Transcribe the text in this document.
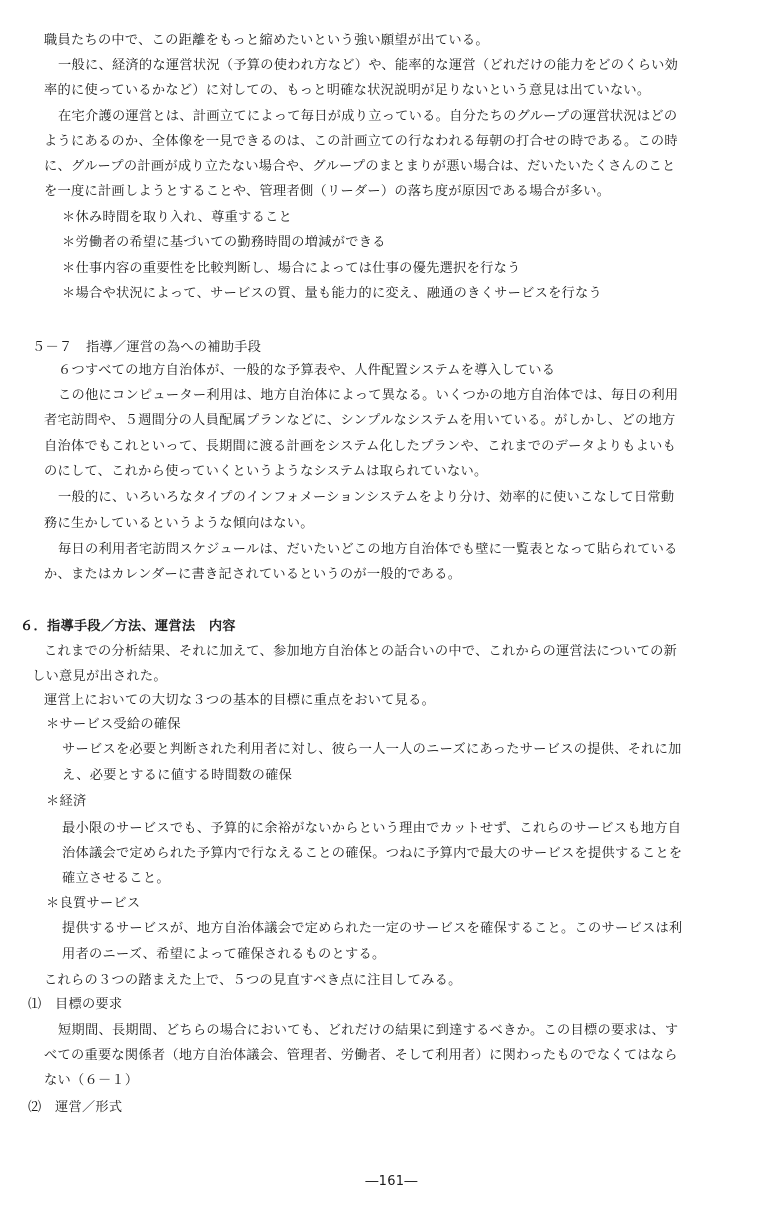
職員たちの中で、この距離をもっと縮めたいという強い願望が出ている。
一般に、経済的な運営状況（予算の使われ方など）や、能率的な運営（どれだけの能力をどのくらい効
率的に使っているかなど）に対しての、もっと明確な状況説明が足りないという意見は出ていない。
在宅介護の運営とは、計画立てによって毎日が成り立っている。自分たちのグループの運営状況はどの
ようにあるのか、全体像を一見できるのは、この計画立ての行なわれる毎朝の打合せの時である。この時
に、グループの計画が成り立たない場合や、グループのまとまりが悪い場合は、だいたいたくさんのこと
を一度に計画しようとすることや、管理者側（リーダー）の落ち度が原因である場合が多い。
＊休み時間を取り入れ、尊重すること
＊労働者の希望に基づいての勤務時間の増減ができる
＊仕事内容の重要性を比較判断し、場合によっては仕事の優先選択を行なう
＊場合や状況によって、サービスの質、量も能力的に変え、融通のきくサービスを行なう
５－７　指導／運営の為への補助手段
６つすべての地方自治体が、一般的な予算表や、人件配置システムを導入している
この他にコンピューター利用は、地方自治体によって異なる。いくつかの地方自治体では、毎日の利用
者宅訪問や、５週間分の人員配属プランなどに、シンプルなシステムを用いている。がしかし、どの地方
自治体でもこれといって、長期間に渡る計画をシステム化したプランや、これまでのデータよりもよいも
のにして、これから使っていくというようなシステムは取られていない。
一般的に、いろいろなタイプのインフォメーションシステムをより分け、効率的に使いこなして日常動
務に生かしているというような傾向はない。
毎日の利用者宅訪問スケジュールは、だいたいどこの地方自治体でも壁に一覧表となって貼られている
か、またはカレンダーに書き記されているというのが一般的である。
６．指導手段／方法、運営法　内容
これまでの分析結果、それに加えて、参加地方自治体との話合いの中で、これからの運営法についての新
しい意見が出された。
運営上においての大切な３つの基本的目標に重点をおいて見る。
＊サービス受給の確保
サービスを必要と判断された利用者に対し、彼ら一人一人のニーズにあったサービスの提供、それに加
え、必要とするに値する時間数の確保
＊経済
最小限のサービスでも、予算的に余裕がないからという理由でカットせず、これらのサービスも地方自
治体議会で定められた予算内で行なえることの確保。つねに予算内で最大のサービスを提供することを
確立させること。
＊良質サービス
提供するサービスが、地方自治体議会で定められた一定のサービスを確保すること。このサービスは利
用者のニーズ、希望によって確保されるものとする。
これらの３つの踏まえた上で、５つの見直すべき点に注目してみる。
⑴　目標の要求
短期間、長期間、どちらの場合においても、どれだけの結果に到達するべきか。この目標の要求は、す
べての重要な関係者（地方自治体議会、管理者、労働者、そして利用者）に関わったものでなくてはなら
ない（６－１）
⑵　運営／形式
―161―
